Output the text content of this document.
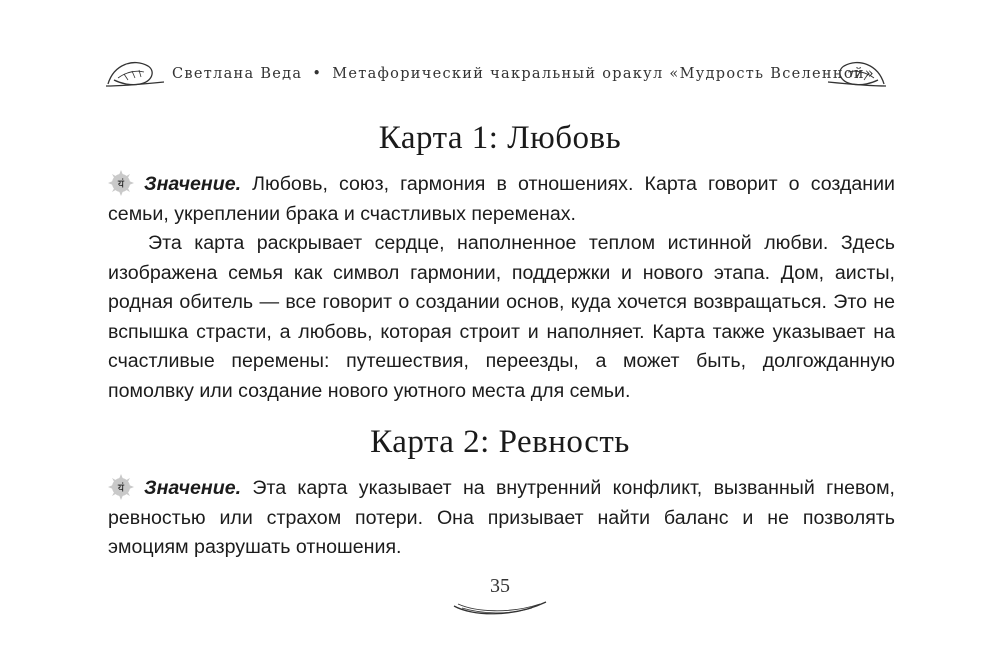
Светлана Веда • Метафорический чакральный оракул «Мудрость Вселенной»
Карта 1: Любовь

यं Значение. Любовь, союз, гармония в отношениях. Карта говорит о создании семьи, укреплении брака и счастливых переменах.

Эта карта раскрывает сердце, наполненное теплом истинной любви. Здесь изображена семья как символ гармонии, поддержки и нового этапа. Дом, аисты, родная обитель — все говорит о создании основ, куда хочется возвращаться. Это не вспышка страсти, а любовь, которая строит и наполняет. Карта также указывает на счастливые перемены: путешествия, переезды, а может быть, долгожданную помолвку или создание нового уютного места для семьи.

Карта 2: Ревность

यं Значение. Эта карта указывает на внутренний конфликт, вызванный гневом, ревностью или страхом потери. Она призывает найти баланс и не позволять эмоциям разрушать отношения.

35
